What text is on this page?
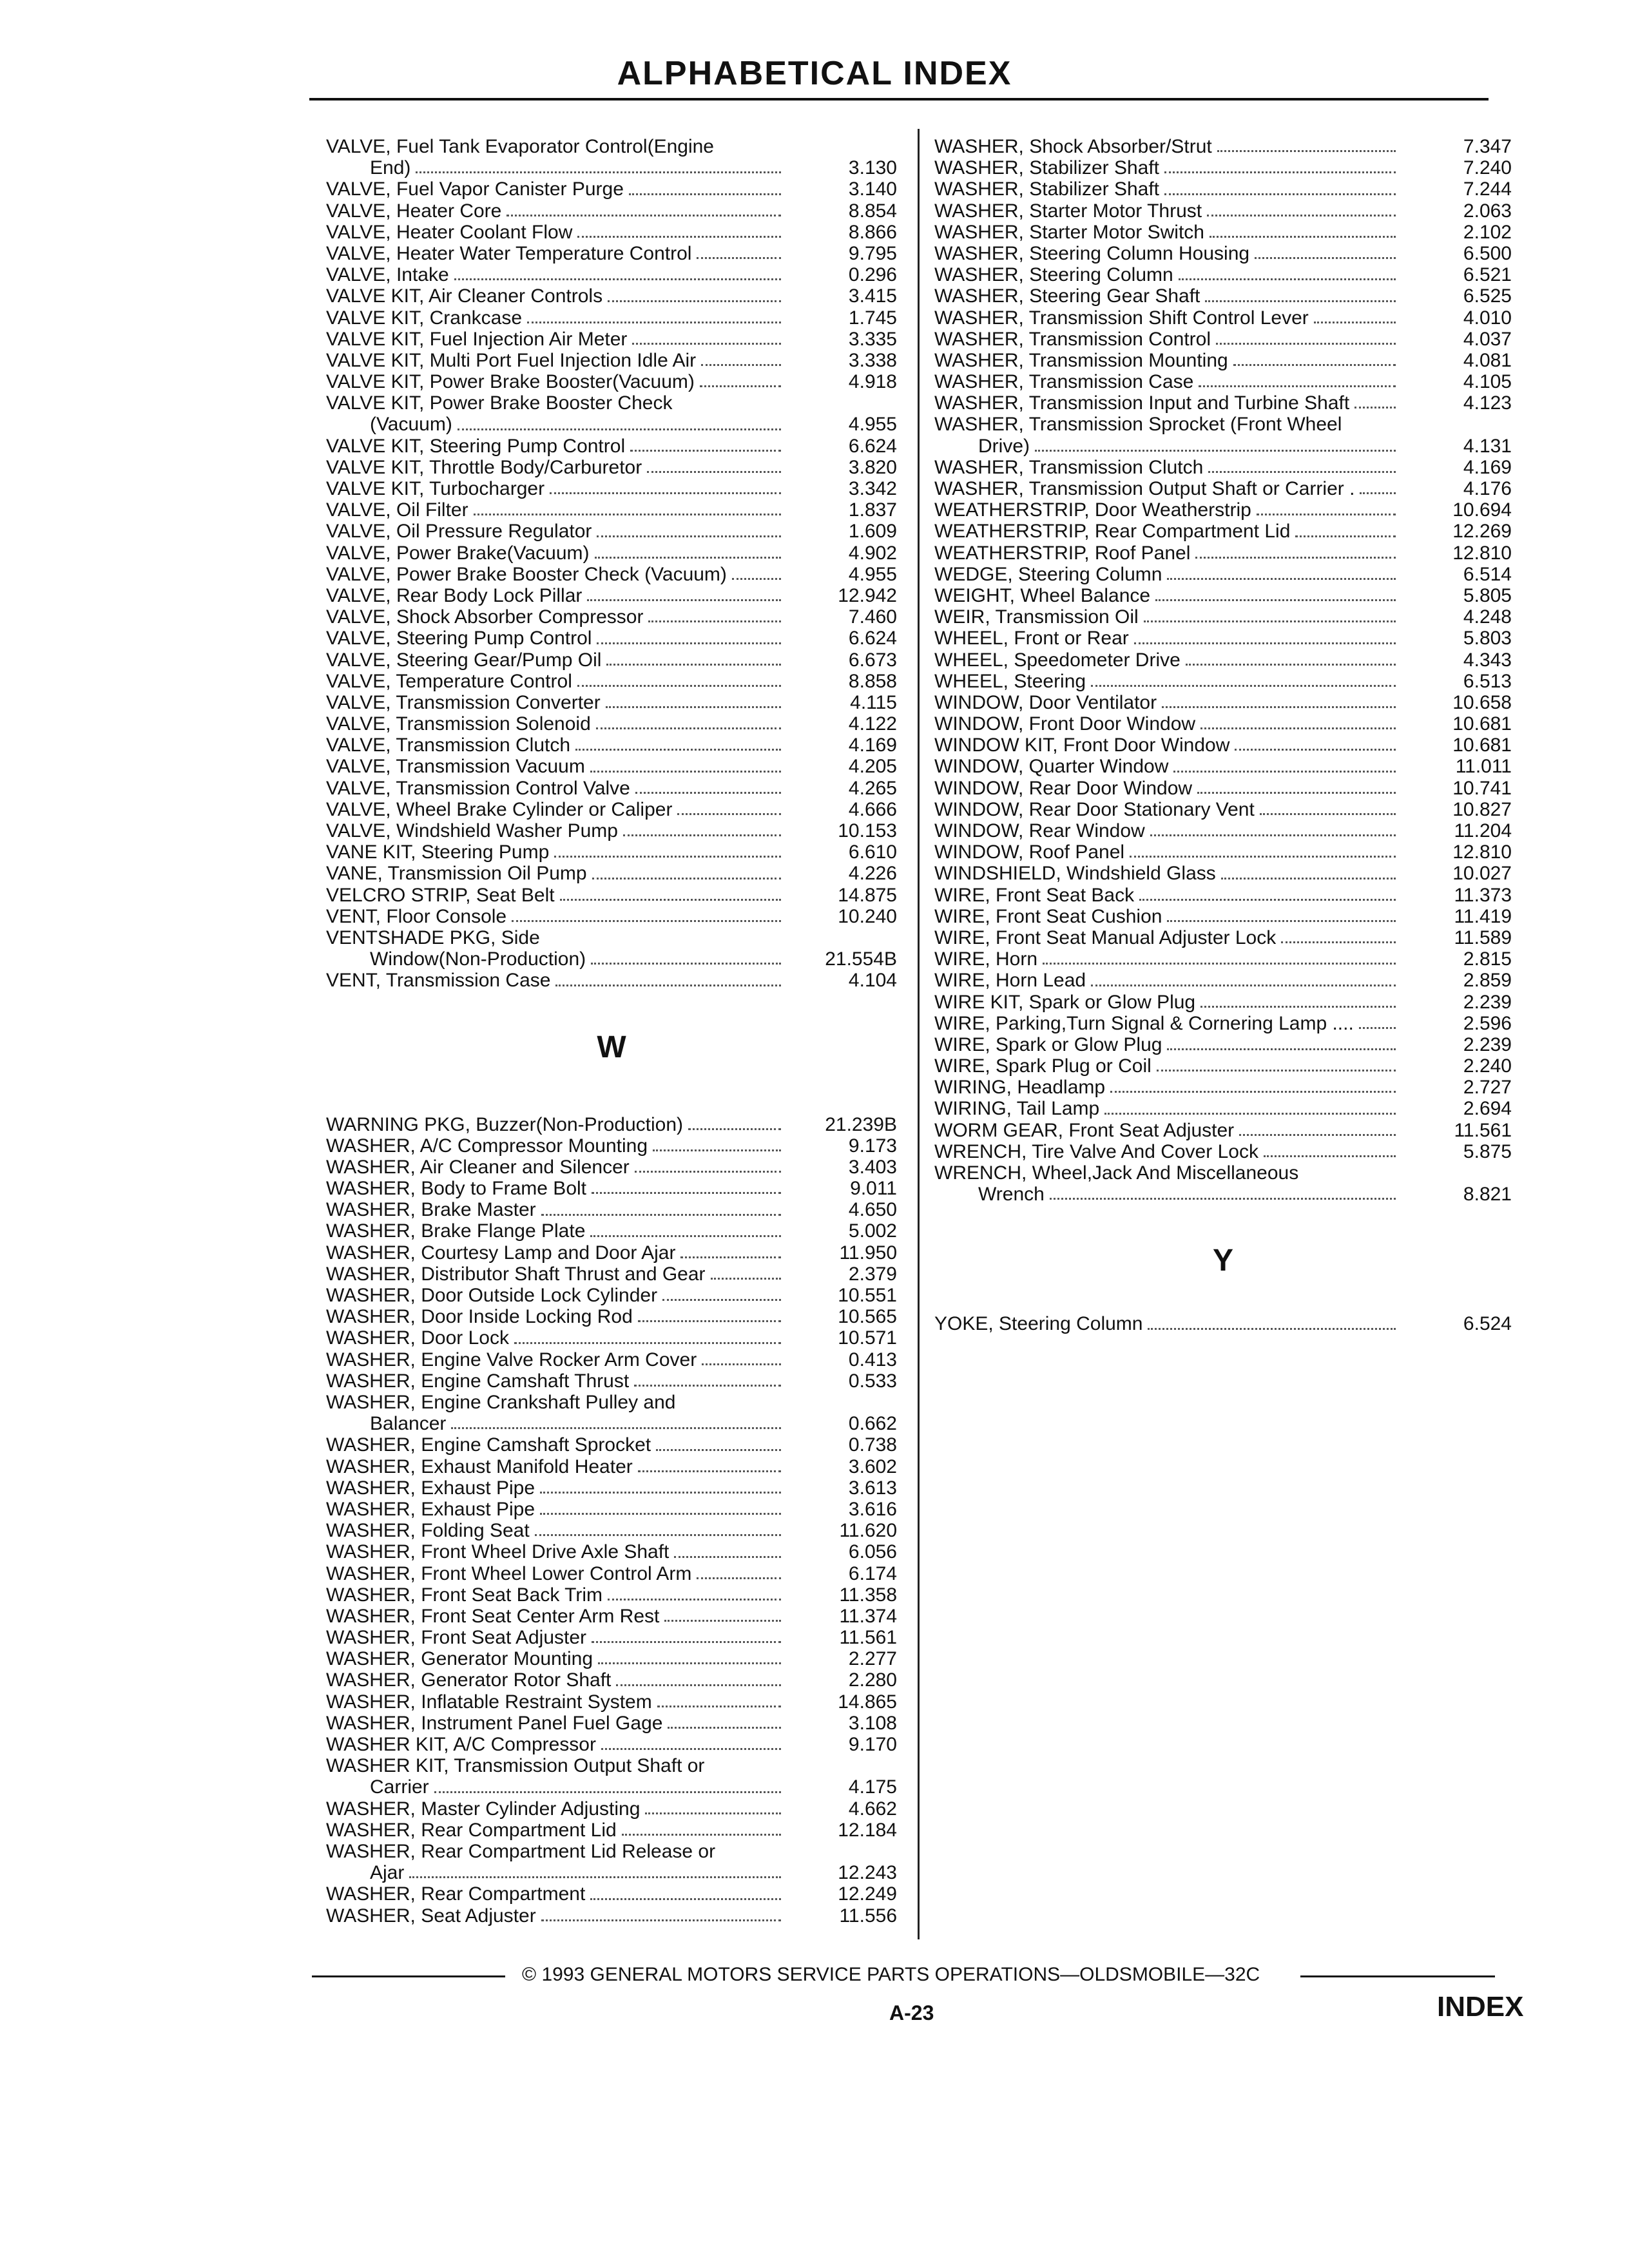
ALPHABETICAL INDEX
VALVE, Fuel Tank Evaporator Control(Engine
End)	3.130
VALVE, Fuel Vapor Canister Purge	3.140
VALVE, Heater Core	8.854
VALVE, Heater Coolant Flow	8.866
VALVE, Heater Water Temperature Control	9.795
VALVE, Intake	0.296
VALVE KIT, Air Cleaner Controls	3.415
VALVE KIT, Crankcase	1.745
VALVE KIT, Fuel Injection Air Meter	3.335
VALVE KIT, Multi Port Fuel Injection Idle Air	3.338
VALVE KIT, Power Brake Booster(Vacuum)	4.918
VALVE KIT, Power Brake Booster Check
(Vacuum)	4.955
VALVE KIT, Steering Pump Control	6.624
VALVE KIT, Throttle Body/Carburetor	3.820
VALVE KIT, Turbocharger	3.342
VALVE, Oil Filter	1.837
VALVE, Oil Pressure Regulator	1.609
VALVE, Power Brake(Vacuum)	4.902
VALVE, Power Brake Booster Check (Vacuum)	4.955
VALVE, Rear Body Lock Pillar	12.942
VALVE, Shock Absorber Compressor	7.460
VALVE, Steering Pump Control	6.624
VALVE, Steering Gear/Pump Oil	6.673
VALVE, Temperature Control	8.858
VALVE, Transmission Converter	4.115
VALVE, Transmission Solenoid	4.122
VALVE, Transmission Clutch	4.169
VALVE, Transmission Vacuum	4.205
VALVE, Transmission Control Valve	4.265
VALVE, Wheel Brake Cylinder or Caliper	4.666
VALVE, Windshield Washer Pump	10.153
VANE KIT, Steering Pump	6.610
VANE, Transmission Oil Pump	4.226
VELCRO STRIP, Seat Belt	14.875
VENT, Floor Console	10.240
VENTSHADE PKG, Side
Window(Non-Production)	21.554B
VENT, Transmission Case	4.104
W
WARNING PKG, Buzzer(Non-Production)	21.239B
WASHER, A/C Compressor Mounting	9.173
WASHER, Air Cleaner and Silencer	3.403
WASHER, Body to Frame Bolt	9.011
WASHER, Brake Master	4.650
WASHER, Brake Flange Plate	5.002
WASHER, Courtesy Lamp and Door Ajar	11.950
WASHER, Distributor Shaft Thrust and Gear	2.379
WASHER, Door Outside Lock Cylinder	10.551
WASHER, Door Inside Locking Rod	10.565
WASHER, Door Lock	10.571
WASHER, Engine Valve Rocker Arm Cover	0.413
WASHER, Engine Camshaft Thrust	0.533
WASHER, Engine Crankshaft Pulley and
Balancer	0.662
WASHER, Engine Camshaft Sprocket	0.738
WASHER, Exhaust Manifold Heater	3.602
WASHER, Exhaust Pipe	3.613
WASHER, Exhaust Pipe	3.616
WASHER, Folding Seat	11.620
WASHER, Front Wheel Drive Axle Shaft	6.056
WASHER, Front Wheel Lower Control Arm	6.174
WASHER, Front Seat Back Trim	11.358
WASHER, Front Seat Center Arm Rest	11.374
WASHER, Front Seat Adjuster	11.561
WASHER, Generator Mounting	2.277
WASHER, Generator Rotor Shaft	2.280
WASHER, Inflatable Restraint System	14.865
WASHER, Instrument Panel Fuel Gage	3.108
WASHER KIT, A/C Compressor	9.170
WASHER KIT, Transmission Output Shaft or
Carrier	4.175
WASHER, Master Cylinder Adjusting	4.662
WASHER, Rear Compartment Lid	12.184
WASHER, Rear Compartment Lid Release or
Ajar	12.243
WASHER, Rear Compartment	12.249
WASHER, Seat Adjuster	11.556
WASHER, Shock Absorber/Strut	7.347
WASHER, Stabilizer Shaft	7.240
WASHER, Stabilizer Shaft	7.244
WASHER, Starter Motor Thrust	2.063
WASHER, Starter Motor Switch	2.102
WASHER, Steering Column Housing	6.500
WASHER, Steering Column	6.521
WASHER, Steering Gear Shaft	6.525
WASHER, Transmission Shift Control Lever	4.010
WASHER, Transmission Control	4.037
WASHER, Transmission Mounting	4.081
WASHER, Transmission Case	4.105
WASHER, Transmission Input and Turbine Shaft	4.123
WASHER, Transmission Sprocket (Front Wheel
Drive)	4.131
WASHER, Transmission Clutch	4.169
WASHER, Transmission Output Shaft or Carrier .	4.176
WEATHERSTRIP, Door Weatherstrip	10.694
WEATHERSTRIP, Rear Compartment Lid	12.269
WEATHERSTRIP, Roof Panel	12.810
WEDGE, Steering Column	6.514
WEIGHT, Wheel Balance	5.805
WEIR, Transmission Oil	4.248
WHEEL, Front or Rear	5.803
WHEEL, Speedometer Drive	4.343
WHEEL, Steering	6.513
WINDOW, Door Ventilator	10.658
WINDOW, Front Door Window	10.681
WINDOW KIT, Front Door Window	10.681
WINDOW, Quarter Window	11.011
WINDOW, Rear Door Window	10.741
WINDOW, Rear Door Stationary Vent	10.827
WINDOW, Rear Window	11.204
WINDOW, Roof Panel	12.810
WINDSHIELD, Windshield Glass	10.027
WIRE, Front Seat Back	11.373
WIRE, Front Seat Cushion	11.419
WIRE, Front Seat Manual Adjuster Lock	11.589
WIRE, Horn	2.815
WIRE, Horn Lead	2.859
WIRE KIT, Spark or Glow Plug	2.239
WIRE, Parking,Turn Signal & Cornering Lamp ....	2.596
WIRE, Spark or Glow Plug	2.239
WIRE, Spark Plug or Coil	2.240
WIRING, Headlamp	2.727
WIRING, Tail Lamp	2.694
WORM GEAR, Front Seat Adjuster	11.561
WRENCH, Tire Valve And Cover Lock	5.875
WRENCH, Wheel,Jack And Miscellaneous
Wrench	8.821
Y
YOKE, Steering Column	6.524
© 1993 GENERAL MOTORS SERVICE PARTS OPERATIONS—OLDSMOBILE—32C
A-23	INDEX
